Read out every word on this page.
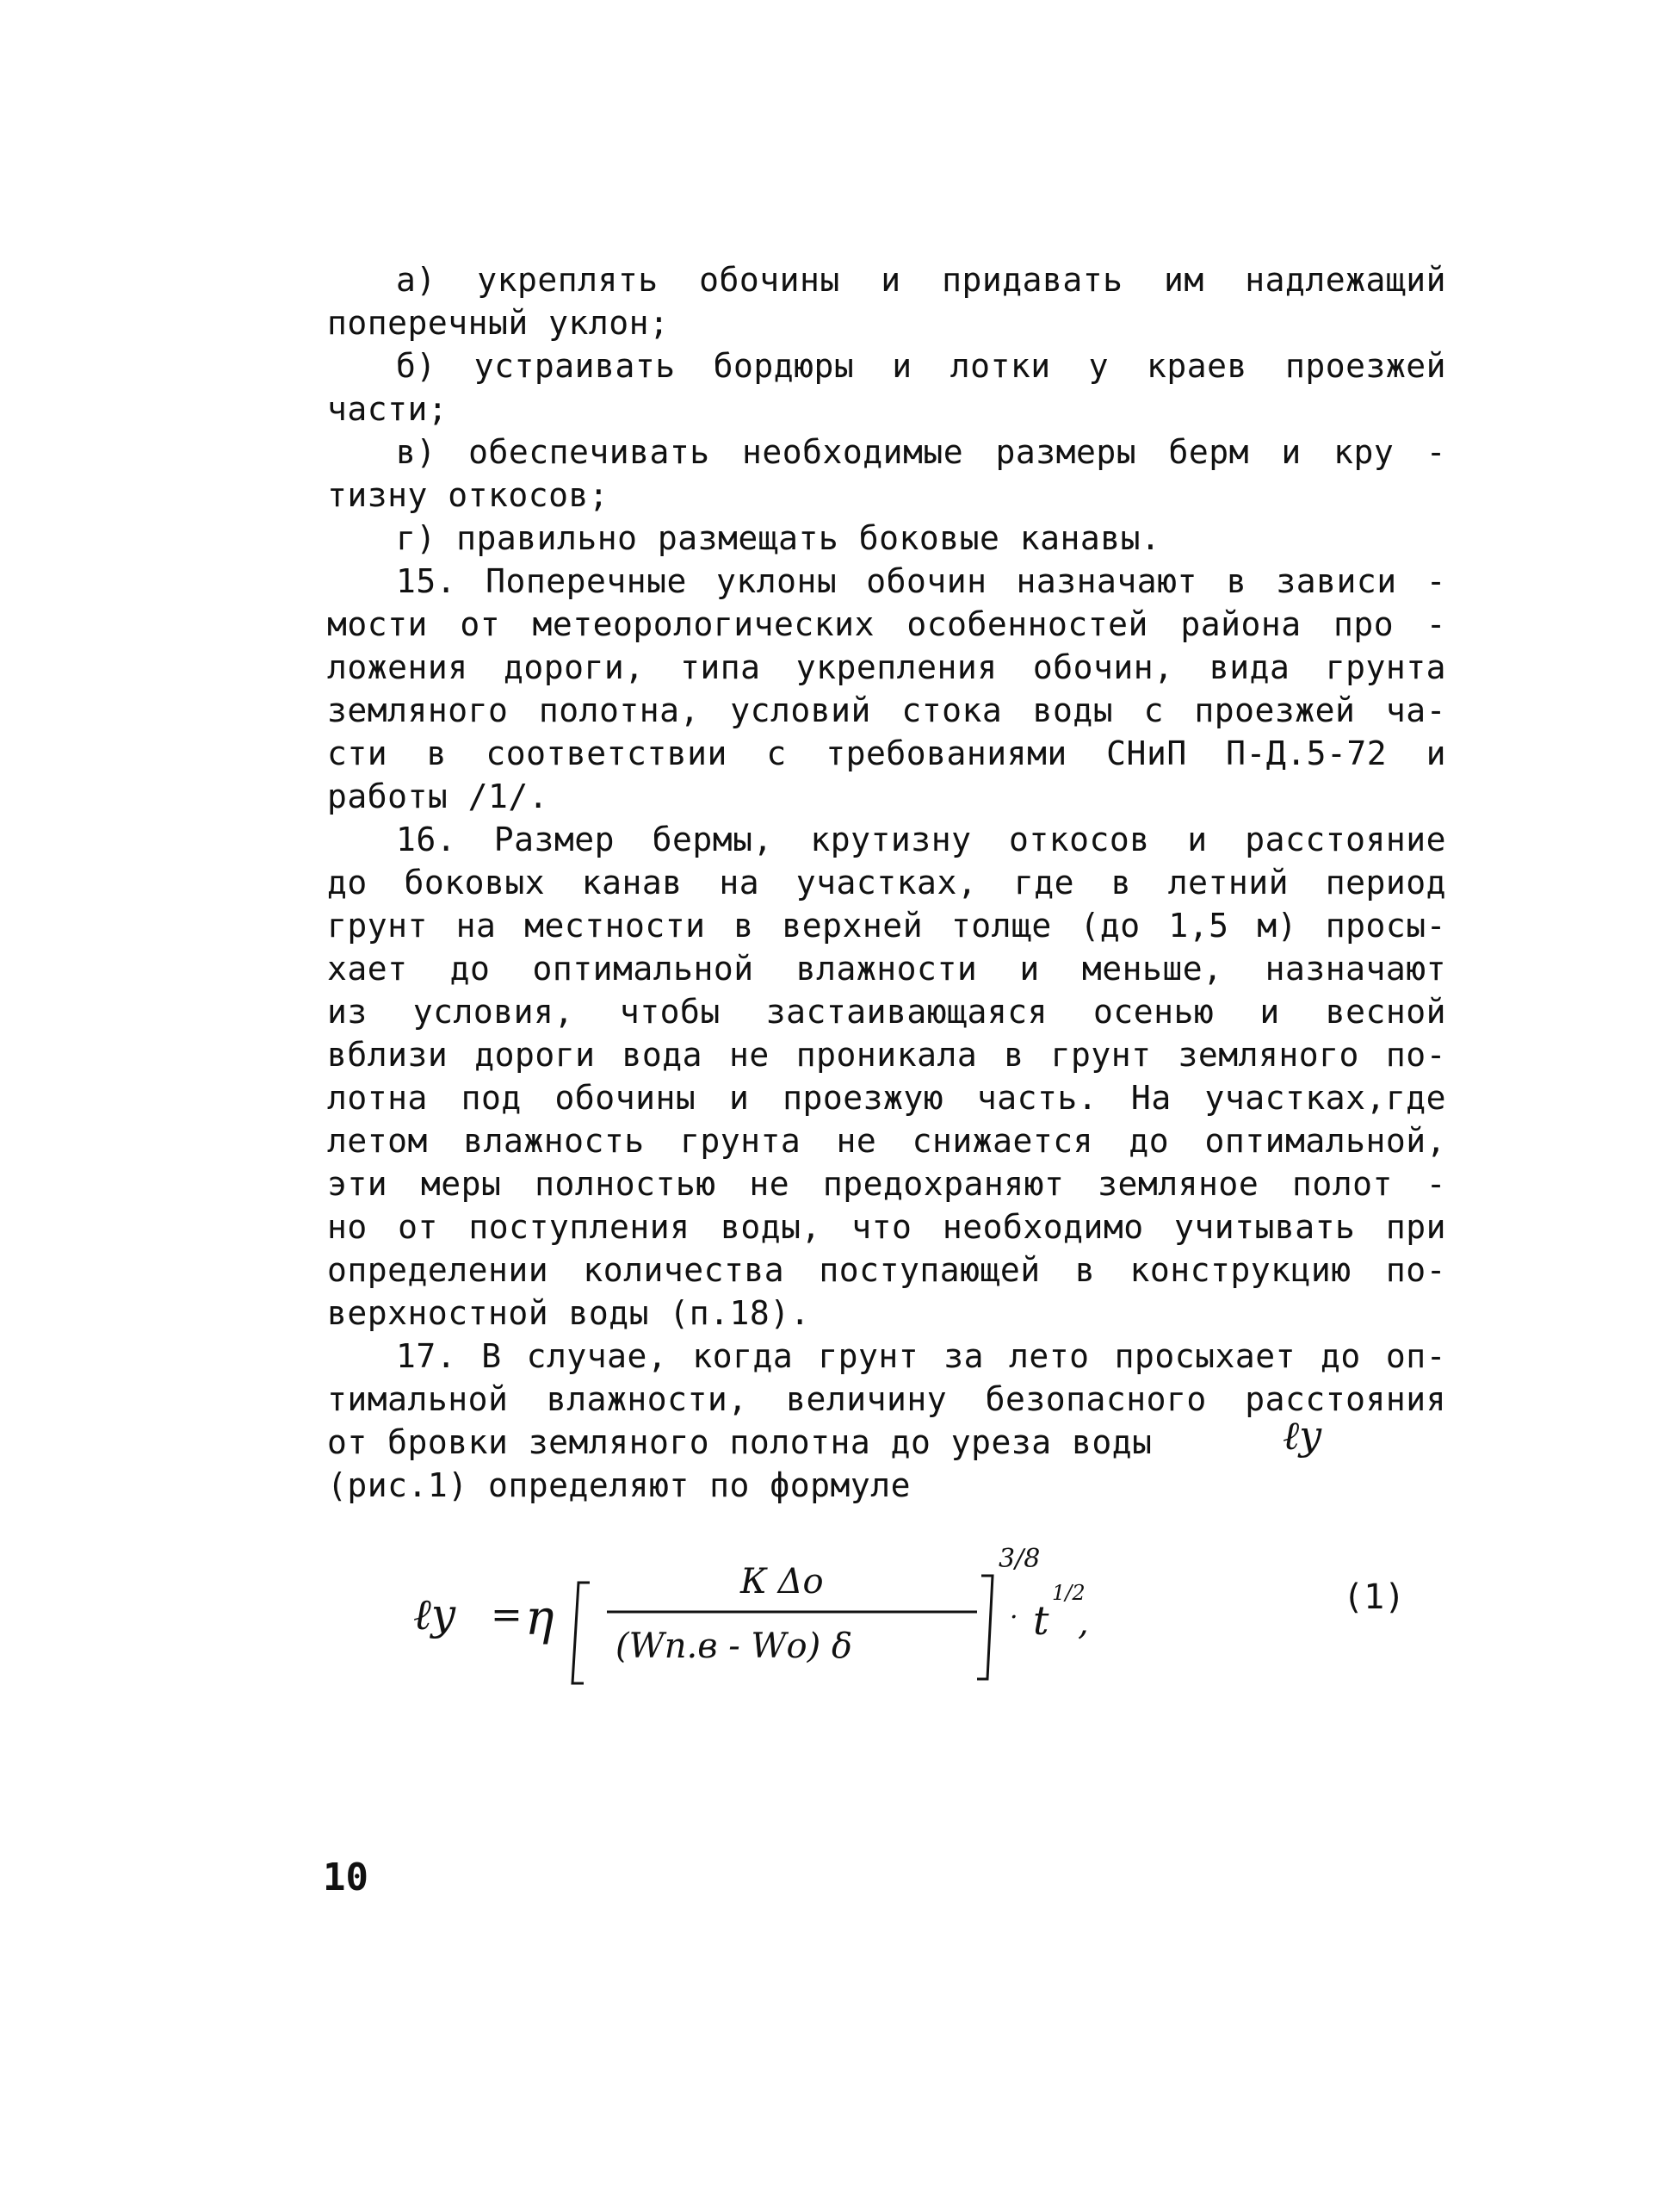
а) укреплять обочины и придавать им надлежащий
поперечный уклон;
б) устраивать бордюры и лотки у краев проезжей
части;
в) обеспечивать необходимые размеры берм и кру -
тизну откосов;
г) правильно размещать боковые канавы.
15. Поперечные уклоны обочин назначают в зависи -
мости от метеорологических особенностей района про -
ложения дороги, типа укрепления обочин, вида грунта
земляного полотна, условий стока воды с проезжей ча-
сти в соответствии с требованиями СНиП П-Д.5-72 и
работы /1/.
16. Размер бермы, крутизну откосов и расстояние
до боковых канав на участках, где в летний период
грунт на местности в верхней толще (до 1,5 м) просы-
хает до оптимальной влажности и меньше, назначают
из условия, чтобы застаивающаяся осенью и весной
вблизи дороги вода не проникала в грунт земляного по-
лотна под обочины и проезжую часть. На участках,где
летом влажность грунта не снижается до оптимальной,
эти меры полностью не предохраняют земляное полот -
но от поступления воды, что необходимо учитывать при
определении количества поступающей в конструкцию по-
верхностной воды (п.18).
17. В случае, когда грунт за лето просыхает до оп-
тимальной влажности, величину безопасного расстояния
от бровки земляного полотна до уреза воды	ℓу
(рис.1) определяют по формуле
ℓу = η
К Δо
(Wп.в - Wо) δ
3/8
· t
1/2
,
(1)
10
